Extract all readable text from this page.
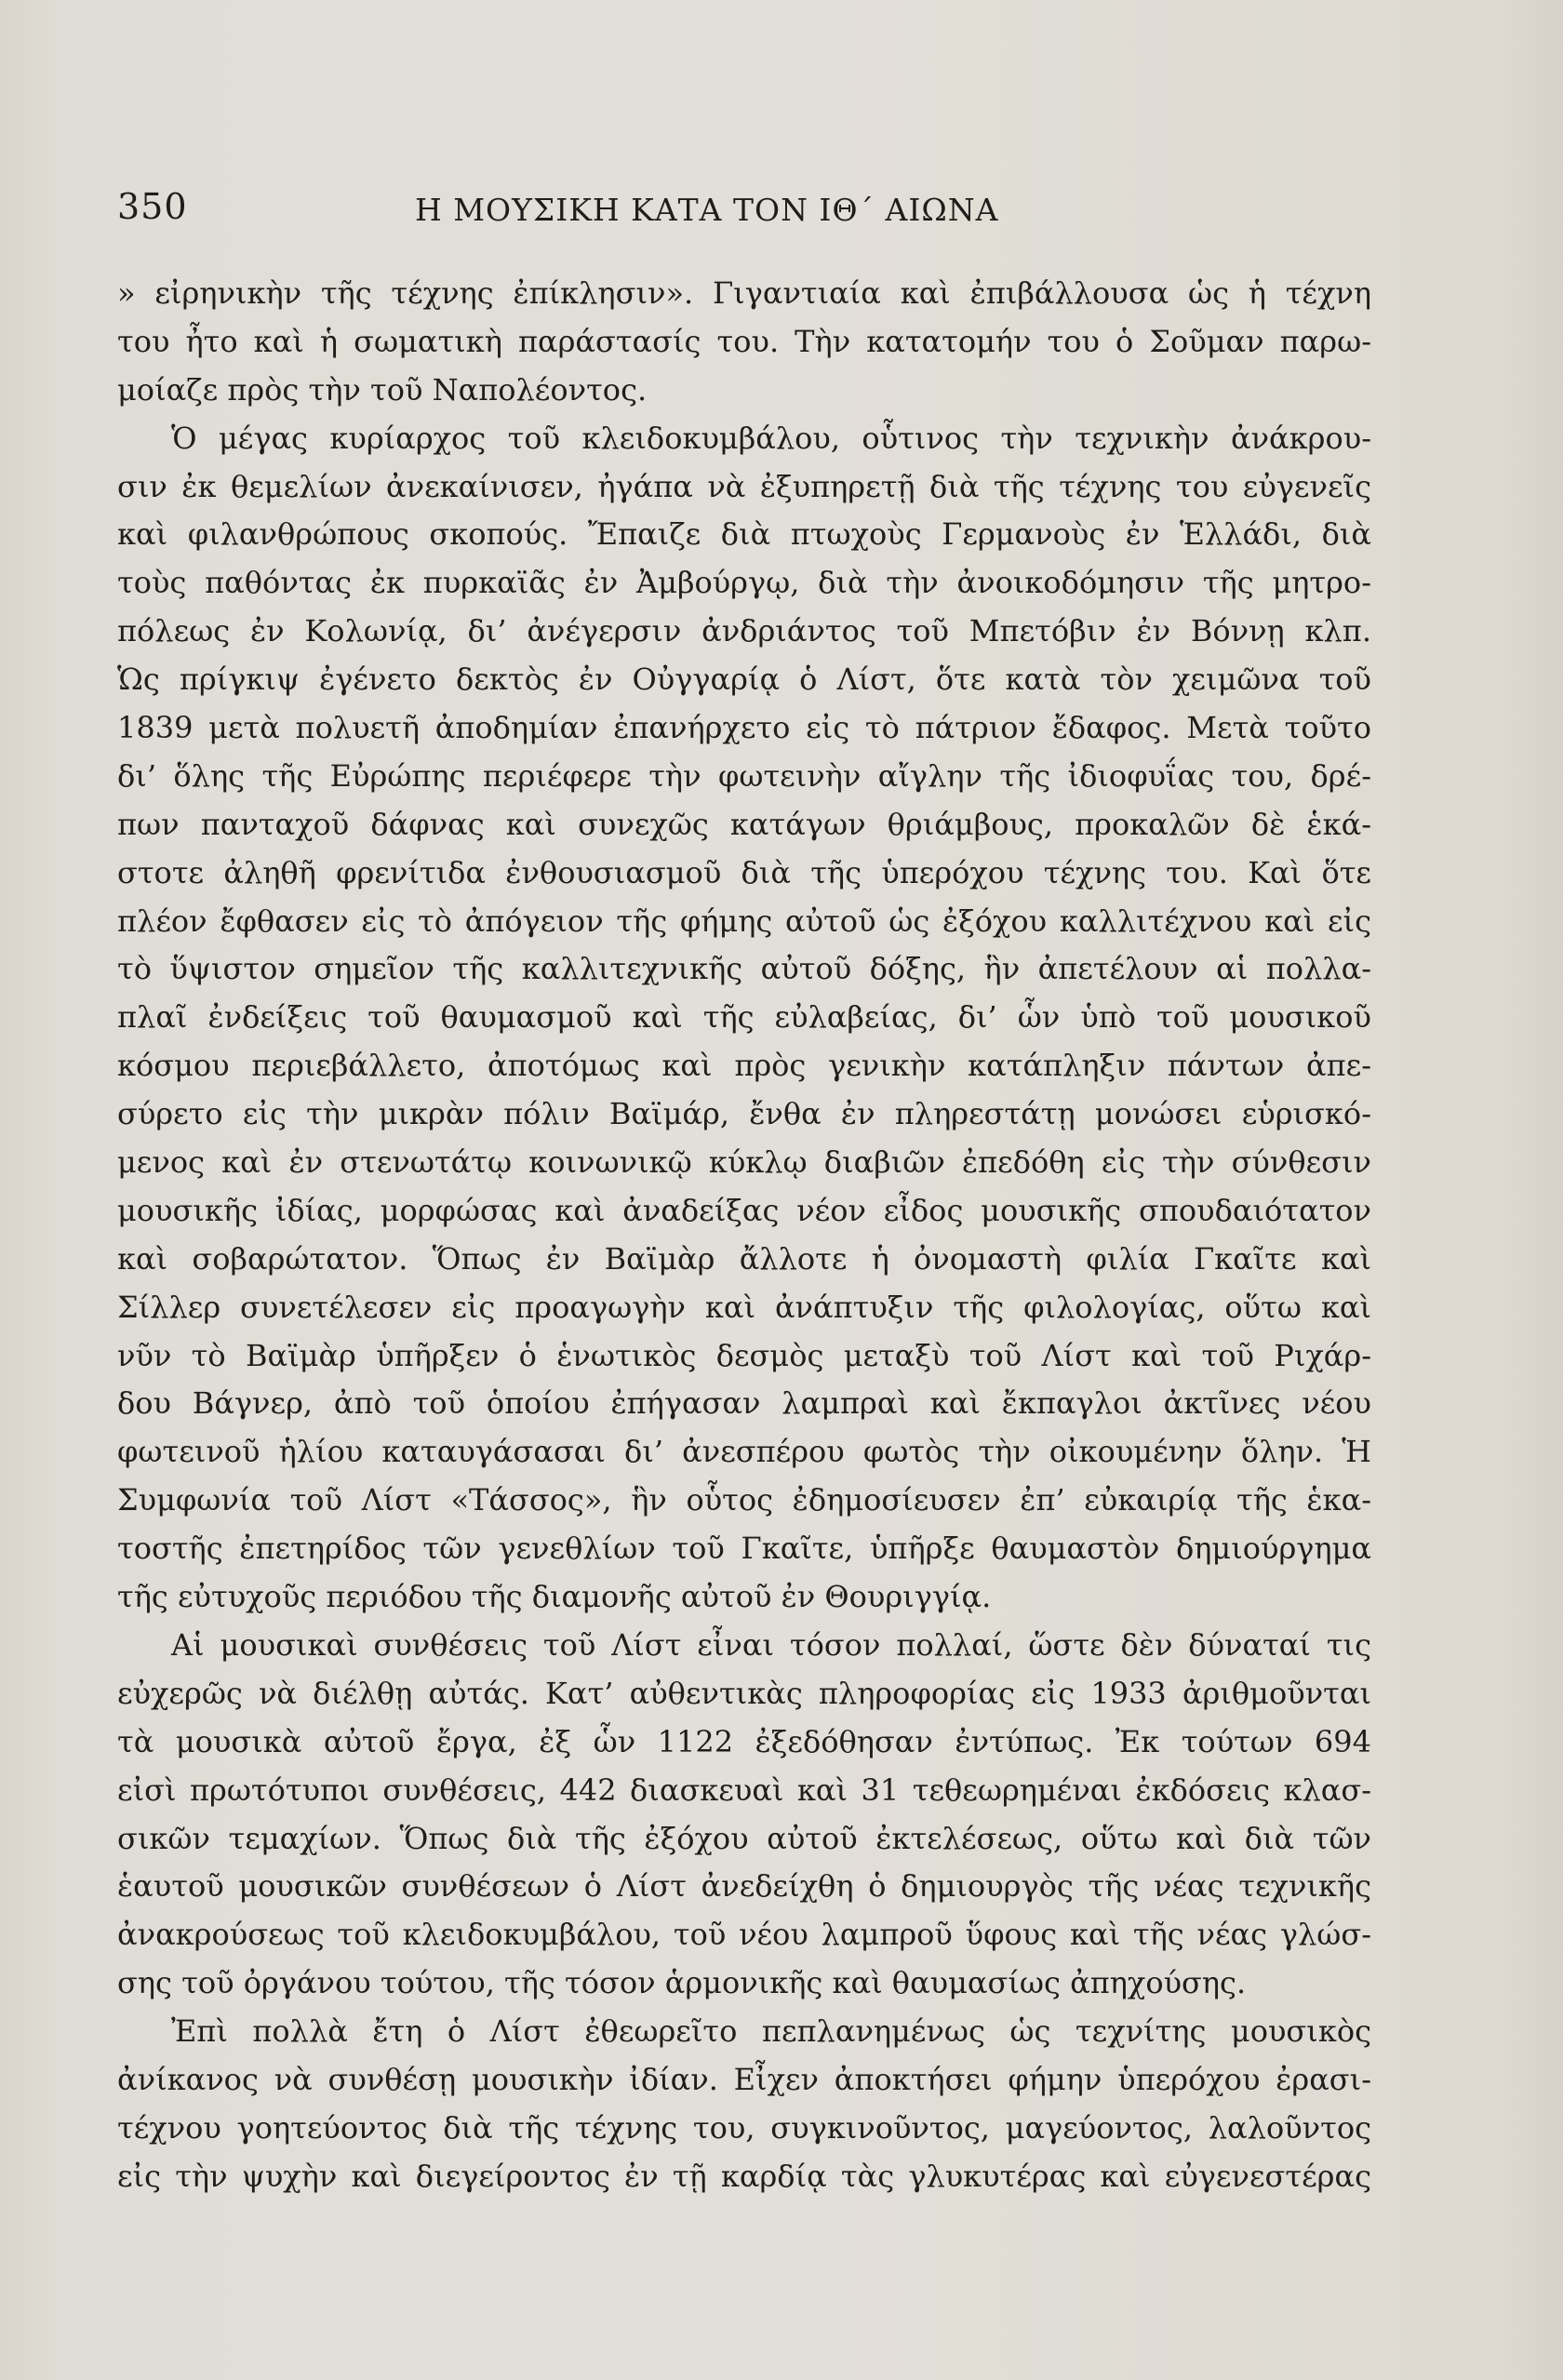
350	Η ΜΟΥΣΙΚΗ ΚΑΤΑ ΤΟΝ ΙΘ΄ ΑΙΩΝΑ
» εἰρηνικὴν τῆς τέχνης ἐπίκλησιν». Γιγαντιαία καὶ ἐπιβάλλουσα ὡς ἡ τέχνη
του ἦτο καὶ ἡ σωματικὴ παράστασίς του. Τὴν κατατομήν του ὁ Σοῦμαν παρω-
μοίαζε πρὸς τὴν τοῦ Ναπολέοντος.
Ὁ μέγας κυρίαρχος τοῦ κλειδοκυμβάλου, οὗτινος τὴν τεχνικὴν ἀνάκρου-
σιν ἐκ θεμελίων ἀνεκαίνισεν, ἠγάπα νὰ ἐξυπηρετῇ διὰ τῆς τέχνης του εὐγενεῖς
καὶ φιλανθρώπους σκοπούς. Ἔπαιζε διὰ πτωχοὺς Γερμανοὺς ἐν Ἑλλάδι, διὰ
τοὺς παθόντας ἐκ πυρκαϊᾶς ἐν Ἀμβούργῳ, διὰ τὴν ἀνοικοδόμησιν τῆς μητρο-
πόλεως ἐν Κολωνίᾳ, δι’ ἀνέγερσιν ἀνδριάντος τοῦ Μπετόβιν ἐν Βόννῃ κλπ.
Ὡς πρίγκιψ ἐγένετο δεκτὸς ἐν Οὐγγαρίᾳ ὁ Λίστ, ὅτε κατὰ τὸν χειμῶνα τοῦ
1839 μετὰ πολυετῆ ἀποδημίαν ἐπανήρχετο εἰς τὸ πάτριον ἔδαφος. Μετὰ τοῦτο
δι’ ὅλης τῆς Εὐρώπης περιέφερε τὴν φωτεινὴν αἴγλην τῆς ἰδιοφυΐας του, δρέ-
πων πανταχοῦ δάφνας καὶ συνεχῶς κατάγων θριάμβους, προκαλῶν δὲ ἑκά-
στοτε ἀληθῆ φρενίτιδα ἐνθουσιασμοῦ διὰ τῆς ὑπερόχου τέχνης του. Καὶ ὅτε
πλέον ἔφθασεν εἰς τὸ ἀπόγειον τῆς φήμης αὐτοῦ ὡς ἐξόχου καλλιτέχνου καὶ εἰς
τὸ ὕψιστον σημεῖον τῆς καλλιτεχνικῆς αὐτοῦ δόξης, ἣν ἀπετέλουν αἱ πολλα-
πλαῖ ἐνδείξεις τοῦ θαυμασμοῦ καὶ τῆς εὐλαβείας, δι’ ὧν ὑπὸ τοῦ μουσικοῦ
κόσμου περιεβάλλετο, ἀποτόμως καὶ πρὸς γενικὴν κατάπληξιν πάντων ἀπε-
σύρετο εἰς τὴν μικρὰν πόλιν Βαϊμάρ, ἔνθα ἐν πληρεστάτῃ μονώσει εὑρισκό-
μενος καὶ ἐν στενωτάτῳ κοινωνικῷ κύκλῳ διαβιῶν ἐπεδόθη εἰς τὴν σύνθεσιν
μουσικῆς ἰδίας, μορφώσας καὶ ἀναδείξας νέον εἶδος μουσικῆς σπουδαιότατον
καὶ σοβαρώτατον. Ὅπως ἐν Βαϊμὰρ ἄλλοτε ἡ ὀνομαστὴ φιλία Γκαῖτε καὶ
Σίλλερ συνετέλεσεν εἰς προαγωγὴν καὶ ἀνάπτυξιν τῆς φιλολογίας, οὕτω καὶ
νῦν τὸ Βαϊμὰρ ὑπῆρξεν ὁ ἑνωτικὸς δεσμὸς μεταξὺ τοῦ Λίστ καὶ τοῦ Ριχάρ-
δου Βάγνερ, ἀπὸ τοῦ ὁποίου ἐπήγασαν λαμπραὶ καὶ ἔκπαγλοι ἀκτῖνες νέου
φωτεινοῦ ἡλίου καταυγάσασαι δι’ ἀνεσπέρου φωτὸς τὴν οἰκουμένην ὅλην. Ἡ
Συμφωνία τοῦ Λίστ «Τάσσος», ἣν οὗτος ἐδημοσίευσεν ἐπ’ εὐκαιρίᾳ τῆς ἑκα-
τοστῆς ἐπετηρίδος τῶν γενεθλίων τοῦ Γκαῖτε, ὑπῆρξε θαυμαστὸν δημιούργημα
τῆς εὐτυχοῦς περιόδου τῆς διαμονῆς αὐτοῦ ἐν Θουριγγίᾳ.
Αἱ μουσικαὶ συνθέσεις τοῦ Λίστ εἶναι τόσον πολλαί, ὥστε δὲν δύναταί τις
εὐχερῶς νὰ διέλθῃ αὐτάς. Κατ’ αὐθεντικὰς πληροφορίας εἰς 1933 ἀριθμοῦνται
τὰ μουσικὰ αὐτοῦ ἔργα, ἐξ ὧν 1122 ἐξεδόθησαν ἐντύπως. Ἐκ τούτων 694
εἰσὶ πρωτότυποι συνθέσεις, 442 διασκευαὶ καὶ 31 τεθεωρημέναι ἐκδόσεις κλασ-
σικῶν τεμαχίων. Ὅπως διὰ τῆς ἐξόχου αὐτοῦ ἐκτελέσεως, οὕτω καὶ διὰ τῶν
ἑαυτοῦ μουσικῶν συνθέσεων ὁ Λίστ ἀνεδείχθη ὁ δημιουργὸς τῆς νέας τεχνικῆς
ἀνακρούσεως τοῦ κλειδοκυμβάλου, τοῦ νέου λαμπροῦ ὕφους καὶ τῆς νέας γλώσ-
σης τοῦ ὀργάνου τούτου, τῆς τόσον ἁρμονικῆς καὶ θαυμασίως ἀπηχούσης.
Ἐπὶ πολλὰ ἔτη ὁ Λίστ ἐθεωρεῖτο πεπλανημένως ὡς τεχνίτης μουσικὸς
ἀνίκανος νὰ συνθέσῃ μουσικὴν ἰδίαν. Εἶχεν ἀποκτήσει φήμην ὑπερόχου ἐρασι-
τέχνου γοητεύοντος διὰ τῆς τέχνης του, συγκινοῦντος, μαγεύοντος, λαλοῦντος
εἰς τὴν ψυχὴν καὶ διεγείροντος ἐν τῇ καρδίᾳ τὰς γλυκυτέρας καὶ εὐγενεστέρας
